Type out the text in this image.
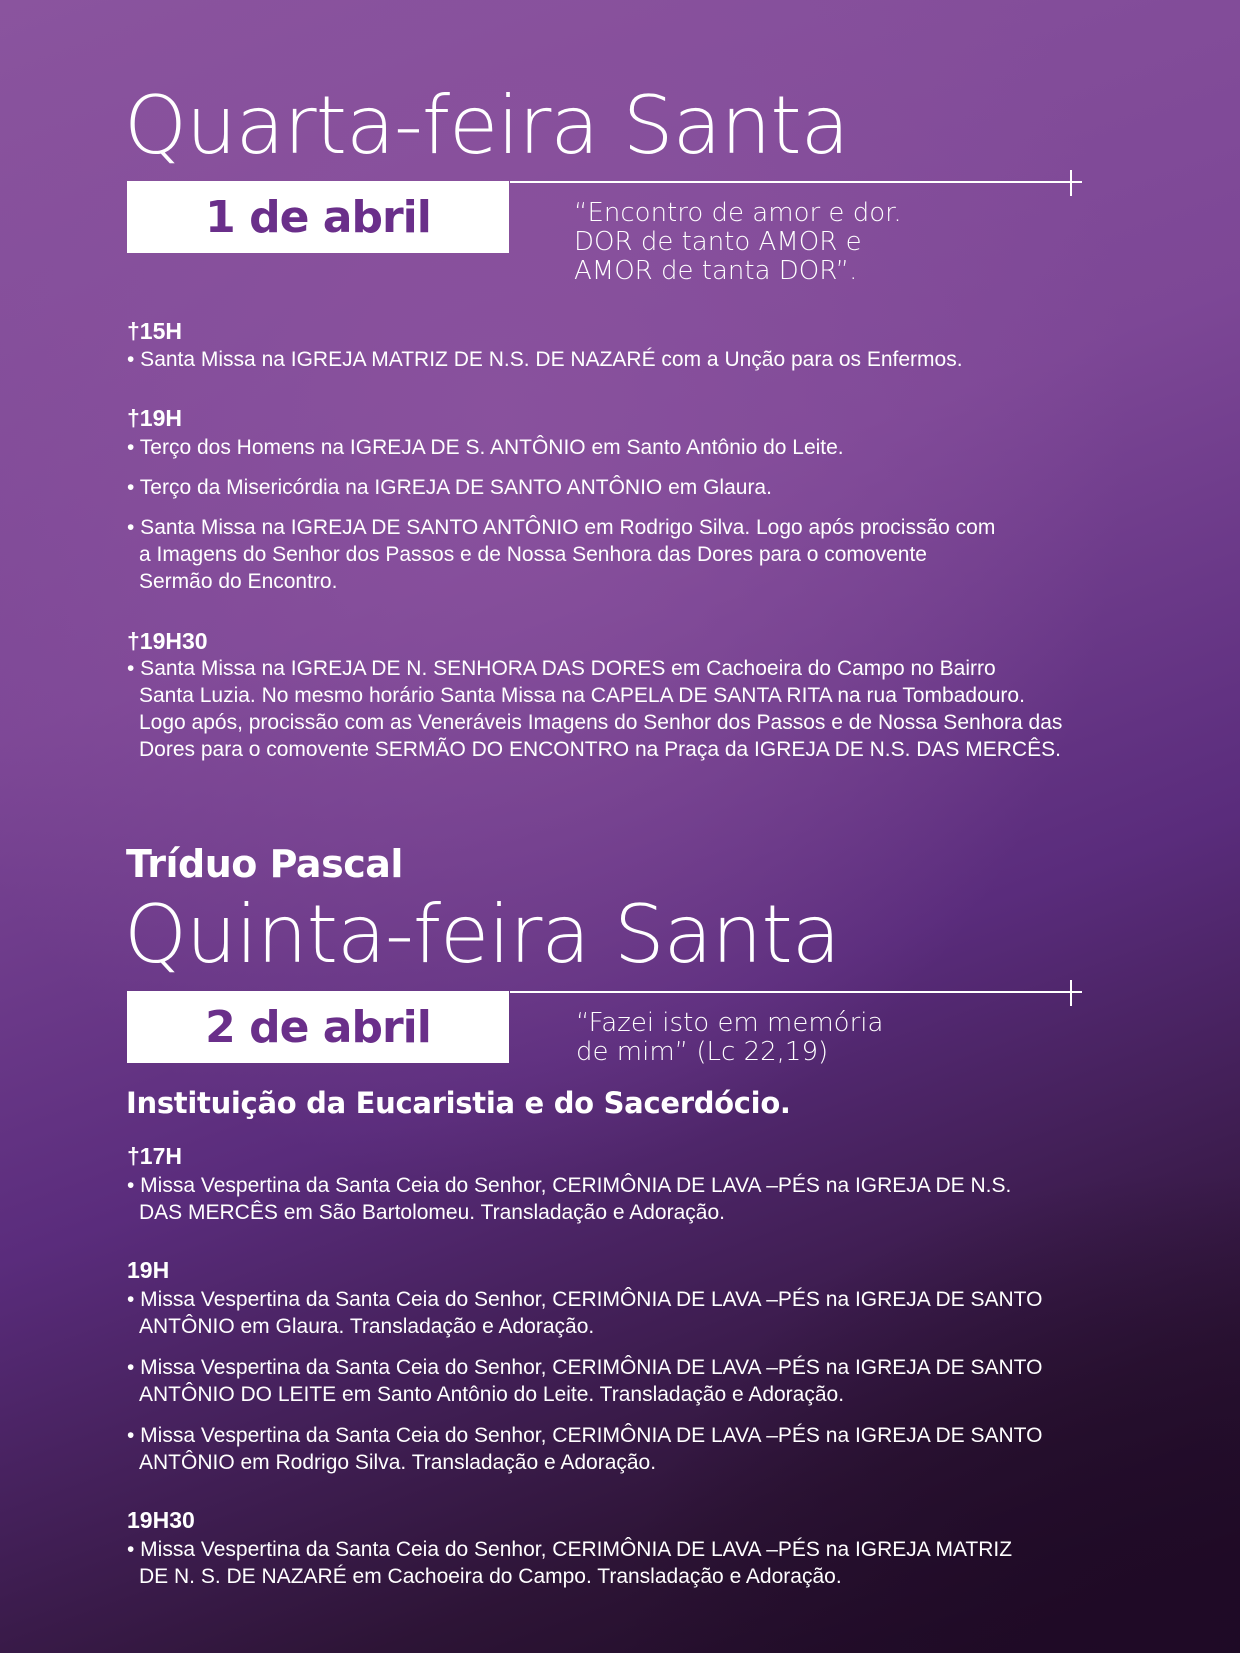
Quarta-feira Santa
1 de abril	“Encontro de amor e dor.
DOR de tanto AMOR e
AMOR de tanta DOR”.
†15H
• Santa Missa na IGREJA MATRIZ DE N.S. DE NAZARÉ com a Unção para os Enfermos.
†19H
• Terço dos Homens na IGREJA DE S. ANTÔNIO em Santo Antônio do Leite.
• Terço da Misericórdia na IGREJA DE SANTO ANTÔNIO em Glaura.
• Santa Missa na IGREJA DE SANTO ANTÔNIO em Rodrigo Silva. Logo após procissão com
a Imagens do Senhor dos Passos e de Nossa Senhora das Dores para o comovente
Sermão do Encontro.
†19H30
• Santa Missa na IGREJA DE N. SENHORA DAS DORES em Cachoeira do Campo no Bairro
Santa Luzia. No mesmo horário Santa Missa na CAPELA DE SANTA RITA na rua Tombadouro.
Logo após, procissão com as Veneráveis Imagens do Senhor dos Passos e de Nossa Senhora das
Dores para o comovente SERMÃO DO ENCONTRO na Praça da IGREJA DE N.S. DAS MERCÊS.
Tríduo Pascal
Quinta-feira Santa
2 de abril	“Fazei isto em memória
de mim” (Lc 22,19)
Instituição da Eucaristia e do Sacerdócio.
†17H
• Missa Vespertina da Santa Ceia do Senhor, CERIMÔNIA DE LAVA –PÉS na IGREJA DE N.S.
DAS MERCÊS em São Bartolomeu. Transladação e Adoração.
19H
• Missa Vespertina da Santa Ceia do Senhor, CERIMÔNIA DE LAVA –PÉS na IGREJA DE SANTO
ANTÔNIO em Glaura. Transladação e Adoração.
• Missa Vespertina da Santa Ceia do Senhor, CERIMÔNIA DE LAVA –PÉS na IGREJA DE SANTO
ANTÔNIO DO LEITE em Santo Antônio do Leite. Transladação e Adoração.
• Missa Vespertina da Santa Ceia do Senhor, CERIMÔNIA DE LAVA –PÉS na IGREJA DE SANTO
ANTÔNIO em Rodrigo Silva. Transladação e Adoração.
19H30
• Missa Vespertina da Santa Ceia do Senhor, CERIMÔNIA DE LAVA –PÉS na IGREJA MATRIZ
DE N. S. DE NAZARÉ em Cachoeira do Campo. Transladação e Adoração.
